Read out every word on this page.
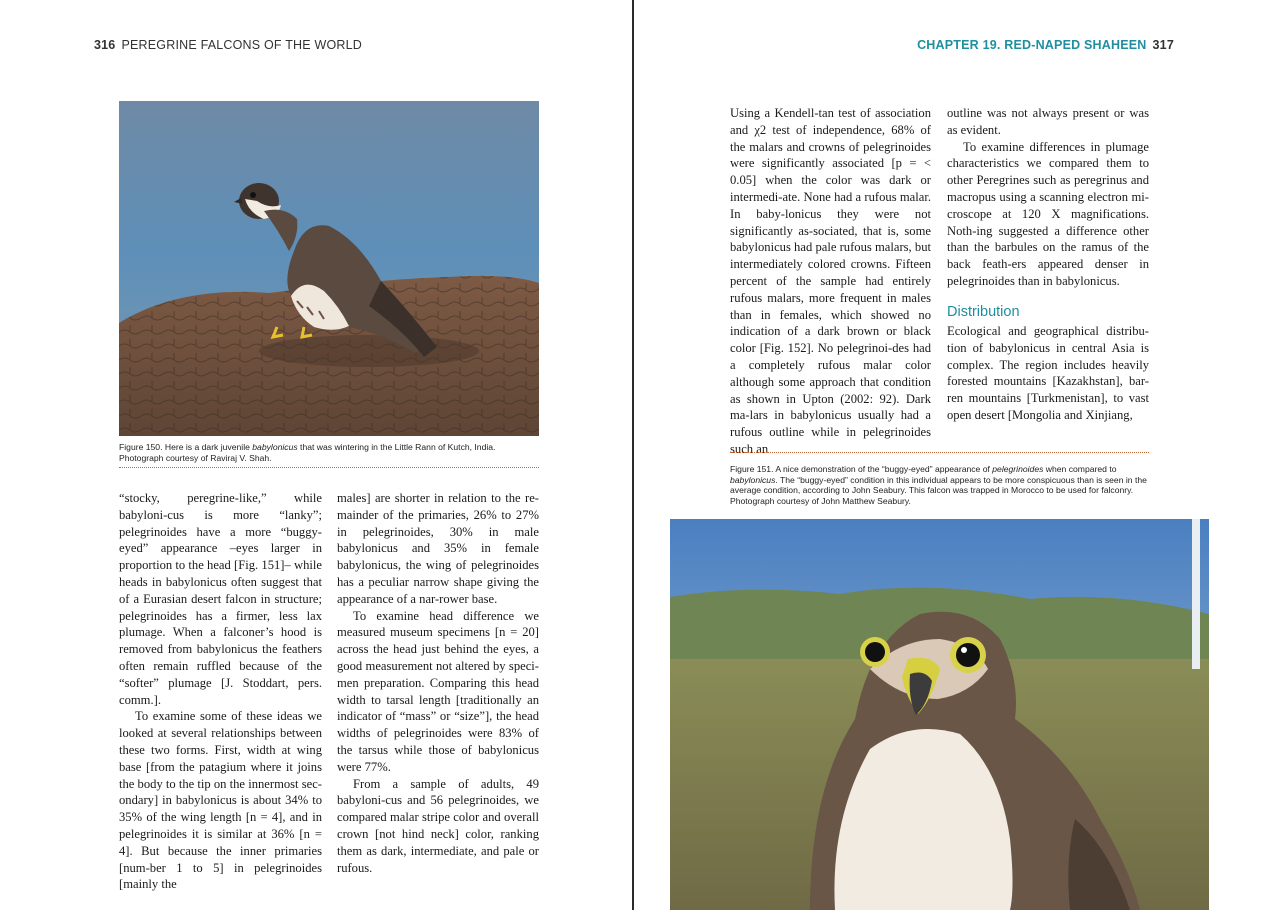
316 PEREGRINE FALCONS OF THE WORLD
Figure 150. Here is a dark juvenile babylonicus that was wintering in the Little Rann of Kutch, India. Photograph courtesy of Raviraj V. Shah.

“stocky, peregrine-like,” while babyloni-cus is more “lanky”; pelegrinoides have a more “buggy-eyed” appearance –eyes larger in proportion to the head [Fig. 151]– while heads in babylonicus often suggest that of a Eurasian desert falcon in structure; pelegrinoides has a firmer, less lax plumage. When a falconer’s hood is removed from babylonicus the feathers often remain ruffled because of the “softer” plumage [J. Stoddart, pers. comm.].

To examine some of these ideas we looked at several relationships between these two forms. First, width at wing base [from the patagium where it joins the body to the tip on the innermost sec-ondary] in babylonicus is about 34% to 35% of the wing length [n = 4], and in pelegrinoides it is similar at 36% [n = 4]. But because the inner primaries [num-ber 1 to 5] in pelegrinoides [mainly the

males] are shorter in relation to the re-mainder of the primaries, 26% to 27% in pelegrinoides, 30% in male babylonicus and 35% in female babylonicus, the wing of pelegrinoides has a peculiar narrow shape giving the appearance of a nar-rower base.

To examine head difference we measured museum specimens [n = 20] across the head just behind the eyes, a good measurement not altered by speci-men preparation. Comparing this head width to tarsal length [traditionally an indicator of “mass” or “size”], the head widths of pelegrinoides were 83% of the tarsus while those of babylonicus were 77%.

From a sample of adults, 49 babyloni-cus and 56 pelegrinoides, we compared malar stripe color and overall crown [not hind neck] color, ranking them as dark, intermediate, and pale or rufous.

CHAPTER 19. RED-NAPED SHAHEEN 317

Using a Kendell-tan test of association and χ2 test of independence, 68% of the malars and crowns of pelegrinoides were significantly associated [p = < 0.05] when the color was dark or intermedi-ate. None had a rufous malar. In baby-lonicus they were not significantly as-sociated, that is, some babylonicus had pale rufous malars, but intermediately colored crowns. Fifteen percent of the sample had entirely rufous malars, more frequent in males than in females, which showed no indication of a dark brown or black color [Fig. 152]. No pelegrinoi-des had a completely rufous malar color although some approach that condition as shown in Upton (2002: 92). Dark ma-lars in babylonicus usually had a rufous outline while in pelegrinoides such an

outline was not always present or was as evident.

To examine differences in plumage characteristics we compared them to other Peregrines such as peregrinus and macropus using a scanning electron mi-croscope at 120 X magnifications. Noth-ing suggested a difference other than the barbules on the ramus of the back feath-ers appeared denser in pelegrinoides than in babylonicus.

Distribution

Ecological and geographical distribu-tion of babylonicus in central Asia is complex. The region includes heavily forested mountains [Kazakhstan], bar-ren mountains [Turkmenistan], to vast open desert [Mongolia and Xinjiang,

Figure 151. A nice demonstration of the “buggy-eyed” appearance of pelegrinoides when compared to babylonicus. The “buggy-eyed” condition in this individual appears to be more conspicuous than is seen in the average condition, according to John Seabury. This falcon was trapped in Morocco to be used for falconry. Photograph courtesy of John Matthew Seabury.
